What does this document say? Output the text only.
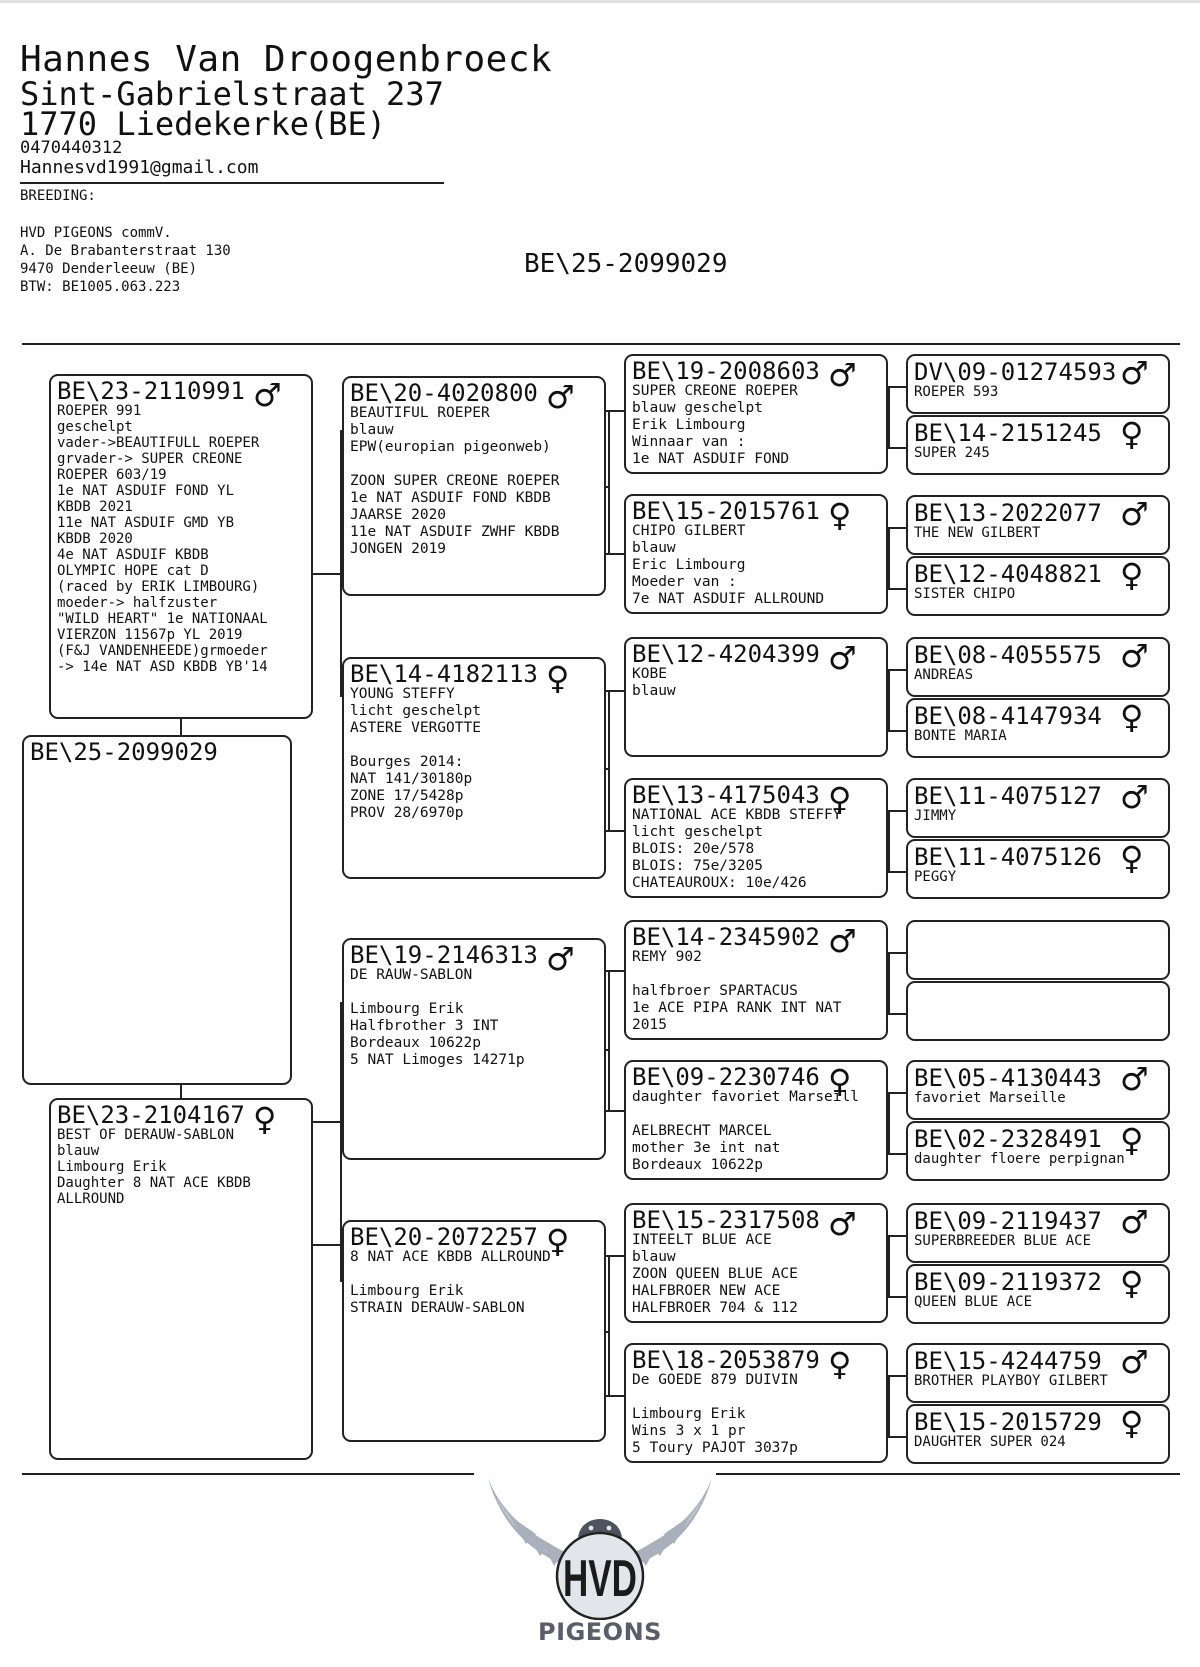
Hannes Van Droogenbroeck
Sint-Gabrielstraat 237
1770 Liedekerke(BE)
0470440312
Hannesvd1991@gmail.com
BREEDING:
HVD PIGEONS commV.
A. De Brabanterstraat 130
9470 Denderleeuw (BE)
BTW: BE1005.063.223
BE\25-2099029
BE\23-2110991 ♂
ROEPER 991
geschelpt
vader->BEAUTIFULL ROEPER
grvader-> SUPER CREONE
ROEPER 603/19
1e NAT ASDUIF FOND YL
KBDB 2021
11e NAT ASDUIF GMD YB
KBDB 2020
4e NAT ASDUIF KBDB
OLYMPIC HOPE cat D
(raced by ERIK LIMBOURG)
moeder-> halfzuster
"WILD HEART" 1e NATIONAAL
VIERZON 11567p YL 2019
(F&J VANDENHEEDE)grmoeder
-> 14e NAT ASD KBDB YB'14
BE\23-2104167 ♀
BEST OF DERAUW-SABLON
blauw
Limbourg Erik
Daughter 8 NAT ACE KBDB
ALLROUND
BE\20-4020800 ♂
BEAUTIFUL ROEPER
blauw
EPW(europian pigeonweb)

ZOON SUPER CREONE ROEPER
1e NAT ASDUIF FOND KBDB
JAARSE 2020
11e NAT ASDUIF ZWHF KBDB
JONGEN 2019
BE\14-4182113 ♀
YOUNG STEFFY
licht geschelpt
ASTERE VERGOTTE

Bourges 2014:
NAT 141/30180p
ZONE 17/5428p
PROV 28/6970p
BE\19-2146313 ♂
DE RAUW-SABLON

Limbourg Erik
Halfbrother 3 INT
Bordeaux 10622p
5 NAT Limoges 14271p
BE\20-2072257 ♀
8 NAT ACE KBDB ALLROUND

Limbourg Erik
STRAIN DERAUW-SABLON
BE\19-2008603 ♂
SUPER CREONE ROEPER
blauw geschelpt
Erik Limbourg
Winnaar van :
1e NAT ASDUIF FOND
BE\15-2015761 ♀
CHIPO GILBERT
blauw
Eric Limbourg
Moeder van :
7e NAT ASDUIF ALLROUND
BE\12-4204399 ♂
KOBE
blauw
BE\13-4175043 ♀
NATIONAL ACE KBDB STEFFY
licht geschelpt
BLOIS: 20e/578
BLOIS: 75e/3205
CHATEAUROUX: 10e/426
BE\14-2345902 ♂
REMY 902

halfbroer SPARTACUS
1e ACE PIPA RANK INT NAT
2015
BE\09-2230746 ♀
daughter favoriet Marseill

AELBRECHT MARCEL
mother 3e int nat
Bordeaux 10622p
BE\15-2317508 ♂
INTEELT BLUE ACE
blauw
ZOON QUEEN BLUE ACE
HALFBROER NEW ACE
HALFBROER 704 & 112
BE\18-2053879 ♀
De GOEDE 879 DUIVIN

Limbourg Erik
Wins 3 x 1 pr
5 Toury PAJOT 3037p
DV\09-01274593 ♂
ROEPER 593
BE\14-2151245 ♀
SUPER 245
BE\13-2022077 ♂
THE NEW GILBERT
BE\12-4048821 ♀
SISTER CHIPO
BE\08-4055575 ♂
ANDREAS
BE\08-4147934 ♀
BONTE MARIA
BE\11-4075127 ♂
JIMMY
BE\11-4075126 ♀
PEGGY
BE\05-4130443 ♂
favoriet Marseille
BE\02-2328491 ♀
daughter floere perpignan
BE\09-2119437 ♂
SUPERBREEDER BLUE ACE
BE\09-2119372 ♀
QUEEN BLUE ACE
BE\15-4244759 ♂
BROTHER PLAYBOY GILBERT
BE\15-2015729 ♀
DAUGHTER SUPER 024
BE\25-2099029
HVD
PIGEONS
